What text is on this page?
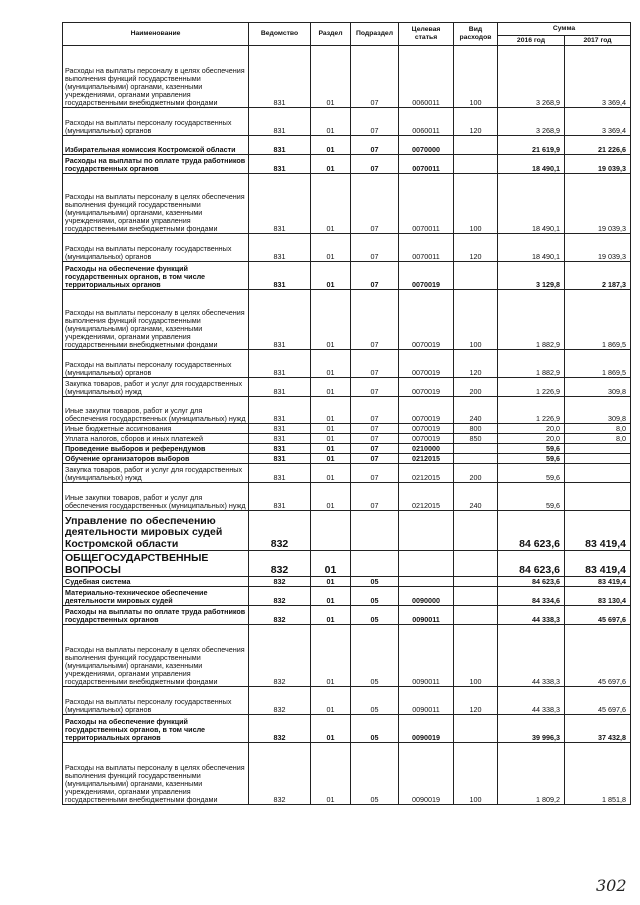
Наименование	Ведомство	Раздел	Подраздел	Целевая статья	Вид расходов	Сумма	
						2016 год	2017 год
Расходы на выплаты персоналу в целях обеспечения выполнения функций государственными (муниципальными) органами, казенными учреждениями, органами управления государственными внебюджетными фондами	831	01	07	0060011	100	3 268,9	3 369,4
Расходы на выплаты персоналу государственных (муниципальных) органов	831	01	07	0060011	120	3 268,9	3 369,4
Избирательная комиссия Костромской области	831	01	07	0070000		21 619,9	21 226,6
Расходы на выплаты по оплате труда работников государственных органов	831	01	07	0070011		18 490,1	19 039,3
Расходы на выплаты персоналу в целях обеспечения выполнения функций государственными (муниципальными) органами, казенными учреждениями, органами управления государственными внебюджетными фондами	831	01	07	0070011	100	18 490,1	19 039,3
Расходы на выплаты персоналу государственных (муниципальных) органов	831	01	07	0070011	120	18 490,1	19 039,3
Расходы на обеспечение функций государственных органов, в том числе территориальных органов	831	01	07	0070019		3 129,8	2 187,3
Расходы на выплаты персоналу в целях обеспечения выполнения функций государственными (муниципальными) органами, казенными учреждениями, органами управления государственными внебюджетными фондами	831	01	07	0070019	100	1 882,9	1 869,5
Расходы на выплаты персоналу государственных (муниципальных) органов	831	01	07	0070019	120	1 882,9	1 869,5
Закупка товаров, работ и услуг для государственных (муниципальных) нужд	831	01	07	0070019	200	1 226,9	309,8
Иные закупки товаров, работ и услуг для обеспечения государственных (муниципальных) нужд	831	01	07	0070019	240	1 226,9	309,8
Иные бюджетные ассигнования	831	01	07	0070019	800	20,0	8,0
Уплата налогов, сборов и иных платежей	831	01	07	0070019	850	20,0	8,0
Проведение выборов и референдумов	831	01	07	0210000		59,6	
Обучение организаторов выборов	831	01	07	0212015		59,6	
Закупка товаров, работ и услуг для государственных (муниципальных) нужд	831	01	07	0212015	200	59,6	
Иные закупки товаров, работ и услуг для обеспечения государственных (муниципальных) нужд	831	01	07	0212015	240	59,6	
Управление по обеспечению деятельности мировых судей Костромской области	832					84 623,6	83 419,4
ОБЩЕГОСУДАРСТВЕННЫЕ ВОПРОСЫ	832	01				84 623,6	83 419,4
Судебная система	832	01	05			84 623,6	83 419,4
Материально-техническое обеспечение деятельности мировых судей	832	01	05	0090000		84 334,6	83 130,4
Расходы на выплаты по оплате труда работников государственных органов	832	01	05	0090011		44 338,3	45 697,6
Расходы на выплаты персоналу в целях обеспечения выполнения функций государственными (муниципальными) органами, казенными учреждениями, органами управления государственными внебюджетными фондами	832	01	05	0090011	100	44 338,3	45 697,6
Расходы на выплаты персоналу государственных (муниципальных) органов	832	01	05	0090011	120	44 338,3	45 697,6
Расходы на обеспечение функций государственных органов, в том числе территориальных органов	832	01	05	0090019		39 996,3	37 432,8
Расходы на выплаты персоналу в целях обеспечения выполнения функций государственными (муниципальными) органами, казенными учреждениями, органами управления государственными внебюджетными фондами	832	01	05	0090019	100	1 809,2	1 851,8
302
